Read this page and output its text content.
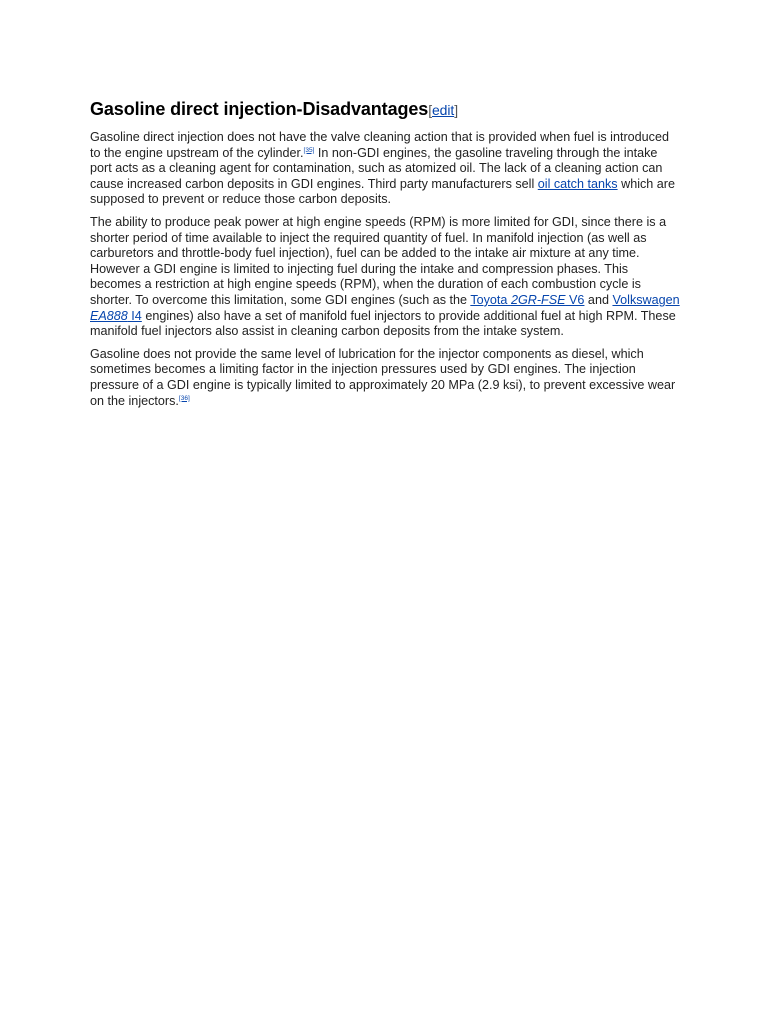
Gasoline direct injection-Disadvantages[edit]

Gasoline direct injection does not have the valve cleaning action that is provided when fuel is introduced to the engine upstream of the cylinder.[35] In non-GDI engines, the gasoline traveling through the intake port acts as a cleaning agent for contamination, such as atomized oil. The lack of a cleaning action can cause increased carbon deposits in GDI engines. Third party manufacturers sell oil catch tanks which are supposed to prevent or reduce those carbon deposits.

The ability to produce peak power at high engine speeds (RPM) is more limited for GDI, since there is a shorter period of time available to inject the required quantity of fuel. In manifold injection (as well as carburetors and throttle-body fuel injection), fuel can be added to the intake air mixture at any time. However a GDI engine is limited to injecting fuel during the intake and compression phases. This becomes a restriction at high engine speeds (RPM), when the duration of each combustion cycle is shorter. To overcome this limitation, some GDI engines (such as the Toyota 2GR-FSE V6 and Volkswagen EA888 I4 engines) also have a set of manifold fuel injectors to provide additional fuel at high RPM. These manifold fuel injectors also assist in cleaning carbon deposits from the intake system.

Gasoline does not provide the same level of lubrication for the injector components as diesel, which sometimes becomes a limiting factor in the injection pressures used by GDI engines. The injection pressure of a GDI engine is typically limited to approximately 20 MPa (2.9 ksi), to prevent excessive wear on the injectors.[36]
